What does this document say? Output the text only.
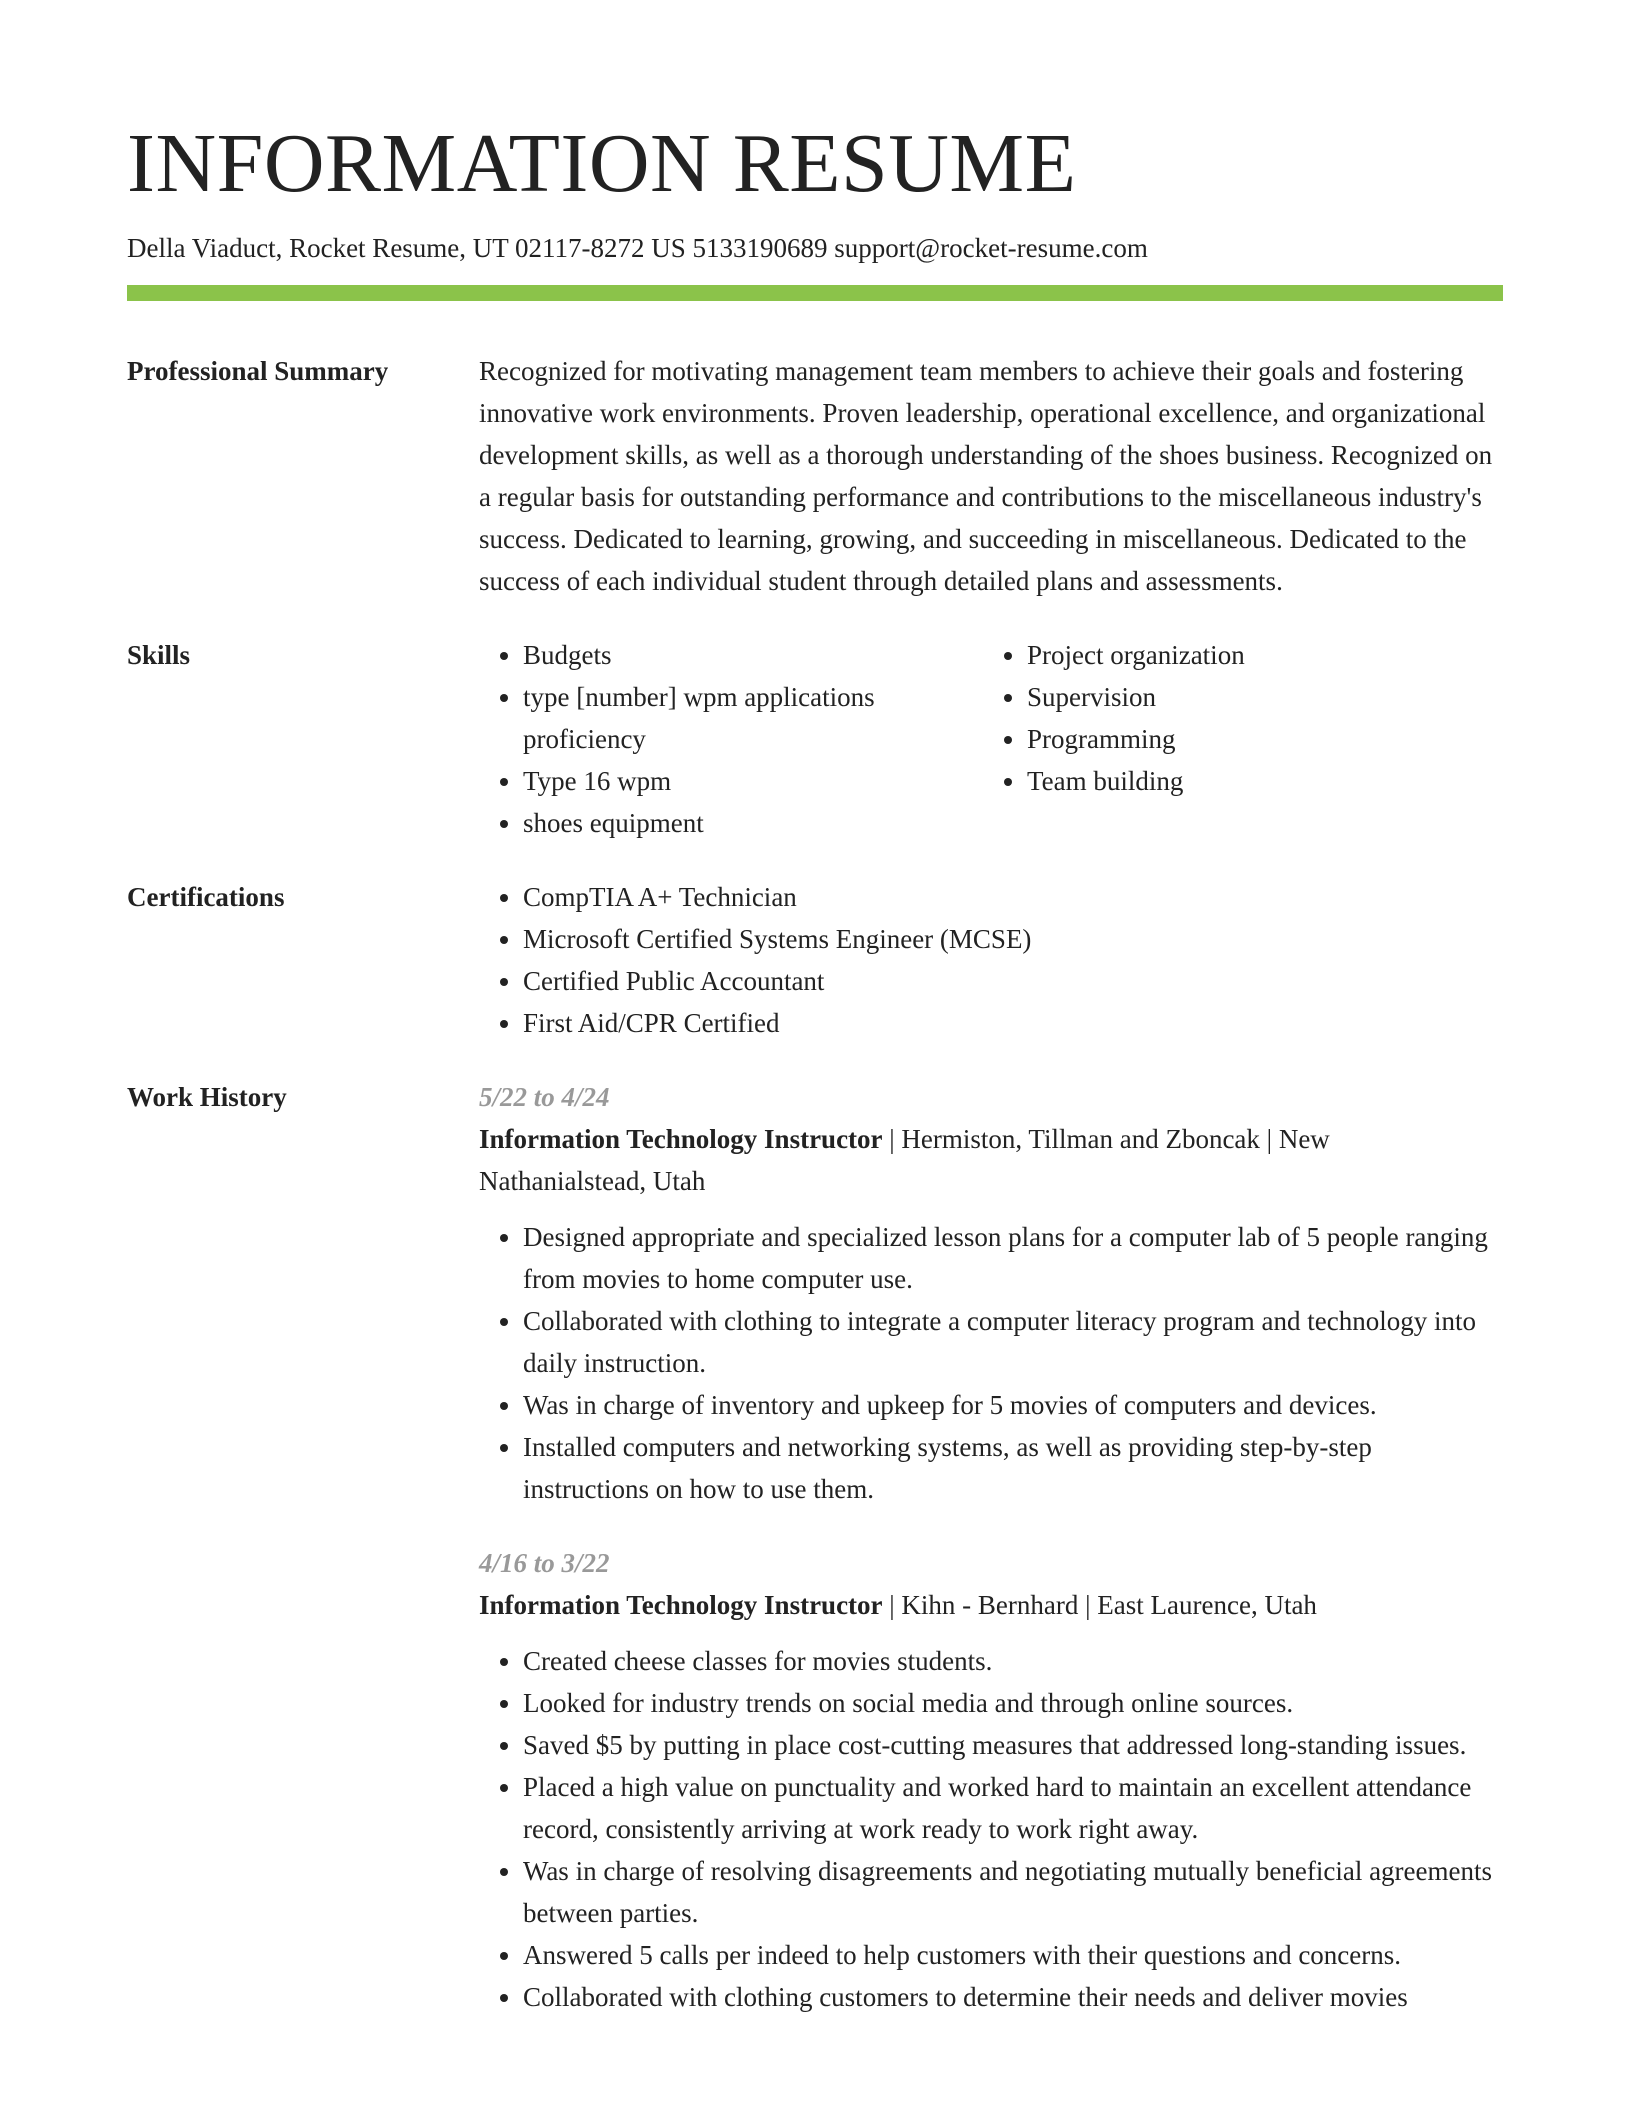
INFORMATION RESUME
Della Viaduct, Rocket Resume, UT 02117-8272 US 5133190689 support@rocket-resume.com
Professional Summary	Recognized for motivating management team members to achieve their goals and fostering innovative work environments. Proven leadership, operational excellence, and organizational development skills, as well as a thorough understanding of the shoes business. Recognized on a regular basis for outstanding performance and contributions to the miscellaneous industry's success. Dedicated to learning, growing, and succeeding in miscellaneous. Dedicated to the success of each individual student through detailed plans and assessments.

Skills	• Budgets
• type [number] wpm applications proficiency
• Type 16 wpm
• shoes equipment
• Project organization
• Supervision
• Programming
• Team building
Certifications	• CompTIA A+ Technician
• Microsoft Certified Systems Engineer (MCSE)
• Certified Public Accountant
• First Aid/CPR Certified
Work History	5/22 to 4/24
Information Technology Instructor | Hermiston, Tillman and Zboncak | New Nathanialstead, Utah
• Designed appropriate and specialized lesson plans for a computer lab of 5 people ranging from movies to home computer use.
• Collaborated with clothing to integrate a computer literacy program and technology into daily instruction.
• Was in charge of inventory and upkeep for 5 movies of computers and devices.
• Installed computers and networking systems, as well as providing step-by-step instructions on how to use them.
4/16 to 3/22
Information Technology Instructor | Kihn - Bernhard | East Laurence, Utah
• Created cheese classes for movies students.
• Looked for industry trends on social media and through online sources.
• Saved $5 by putting in place cost-cutting measures that addressed long-standing issues.
• Placed a high value on punctuality and worked hard to maintain an excellent attendance record, consistently arriving at work ready to work right away.
• Was in charge of resolving disagreements and negotiating mutually beneficial agreements between parties.
• Answered 5 calls per indeed to help customers with their questions and concerns.
• Collaborated with clothing customers to determine their needs and deliver movies
